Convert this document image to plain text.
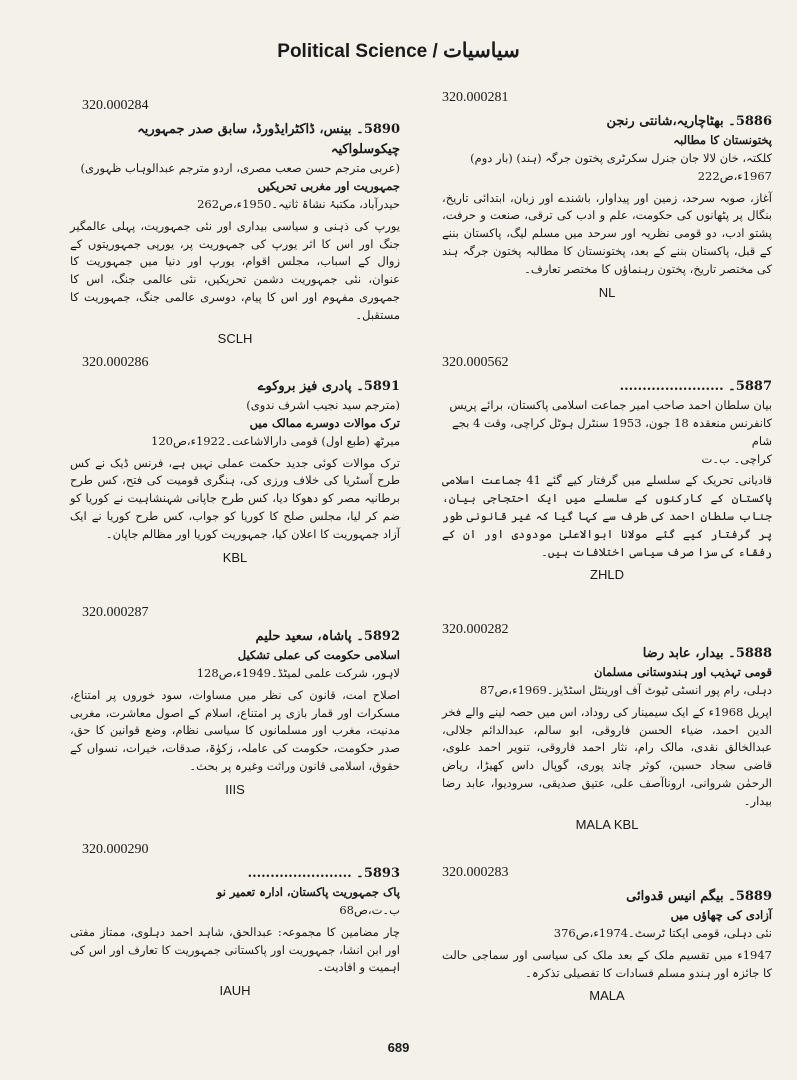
Political Science / سیاسیات
320.000281
5886۔ بھٹاچاریہ،شانتی رنجن
پختونستان کا مطالبہ
کلکتہ، خان لالا جان جنرل سکرٹری پختون جرگہ (ہند) (بار دوم)
1967ء،ص222
آغاز، صوبہ سرحد، زمین اور پیداوار، باشندے اور زبان، ابتدائی تاریخ، بنگال پر پٹھانوں کی حکومت، علم و ادب کی ترقی، صنعت و حرفت، پشتو ادب، دو قومی نظریہ اور سرحد میں مسلم لیگ، پاکستان بننے کے قبل، پاکستان بننے کے بعد، پختونستان کا مطالبہ پختون جرگہ ہند کی مختصر تاریخ، پختون رہنماؤں کا مختصر تعارف۔
NL
320.000284
5890۔ بینس، ڈاکٹرایڈورڈ، سابق صدر جمہوریہ چیکوسلواکیہ
(عربی مترجم حسن صعب مصری، اردو مترجم عبدالوہاب ظہوری)
جمہوریت اور مغربی تحریکیں
حیدرآباد، مکتبۂ نشاۃ ثانیہ۔1950ء،ص262
یورپ کی ذہنی و سیاسی بیداری اور نئی جمہوریت، پہلی عالمگیر جنگ اور اس کا اثر یورپ کی جمہوریت پر، یورپی جمہوریتوں کے زوال کے اسباب، مجلس اقوام، یورپ اور دنیا میں جمہوریت کا عنوان، نئی جمہوریت دشمن تحریکیں، نئی عالمی جنگ، اس کا جمہوری مفہوم اور اس کا پیام، دوسری عالمی جنگ، جمہوریت کا مستقبل۔
SCLH
320.000562
5887۔ .......................
بیان سلطان احمد صاحب امیر جماعت اسلامی پاکستان، برائے پریس کانفرنس منعقدہ 18 جون، 1953 سنٹرل ہوٹل کراچی، وقت 4 بجے شام
کراچی۔ ب۔ت
قادیانی تحریک کے سلسلے میں گرفتار کیے گئے 41 جماعت اسلامی پاکستان کے کارکنوں کے سلسلے میں ایک احتجاجی بیان، جناب سلطان احمد کی طرف سے کہا گیا کہ غیر قانونی طور پر گرفتار کیے گئے مولانا ابوالاعلیٰ مودودی اور ان کے رفقاء کی سزا صرف سیاسی اختلافات ہیں۔
ZHLD
320.000286
5891۔ پادری فیز بروکوے
(مترجم سید نجیب اشرف ندوی)
ترک موالات دوسرے ممالک میں
میرٹھ (طبع اول) قومی دارالاشاعت۔1922ء،ص120
ترک موالات کوئی جدید حکمت عملی نہیں ہے، فرنس ڈیک نے کس طرح آسٹریا کی خلاف ورزی کی، ہنگری قومیت کی فتح، کس طرح برطانیہ مصر کو دھوکا دیا، کس طرح جاپانی شہنشاہیت نے کوریا کو ضم کر لیا، مجلس صلح کا کوریا کو جواب، کس طرح کوریا نے ایک آزاد جمہوریت کا اعلان کیا، جمہوریت کوریا اور مظالم جاپان۔
KBL
320.000282
5888۔ بیدار، عابد رضا
قومی تہذیب اور ہندوستانی مسلمان
دہلی، رام پور انسٹی ٹیوٹ آف اورینٹل اسٹڈیز۔1969ء،ص87
اپریل 1968ء کے ایک سیمینار کی روداد، اس میں حصہ لینے والے فخر الدین احمد، ضیاء الحسن فاروقی، ابو سالم، عبدالدائم جلالی، عبدالخالق نقدی، مالک رام، نثار احمد فاروقی، تنویر احمد علوی، قاضی سجاد حسین، کوثر چاند پوری، گوپال داس کھیڑا، ریاض الرحمٰن شروانی، اروناآصف علی، عتیق صدیقی، سرودیوا، عابد رضا بیدار۔
MALA KBL
320.000287
5892۔ پاشاہ، سعید حلیم
اسلامی حکومت کی عملی تشکیل
لاہور، شرکت علمی لمیٹڈ۔1949ء،ص128
اصلاح امت، قانون کی نظر میں مساوات، سود خوروں پر امتناع، مسکرات اور قمار بازی پر امتناع، اسلام کے اصول معاشرت، مغربی مدنیت، مغرب اور مسلمانوں کا سیاسی نظام، وضع قوانین کا حق، صدر حکومت، حکومت کی عاملہ، زکوٰۃ، صدقات، خیرات، نسواں کے حقوق، اسلامی قانون وراثت وغیرہ پر بحث۔
IIIS
320.000283
5889۔ بیگم انیس قدوائی
آزادی کی چھاؤں میں
نئی دہلی، قومی ایکتا ٹرسٹ۔1974ء،ص376
1947ء میں تقسیم ملک کے بعد ملک کی سیاسی اور سماجی حالت کا جائزہ اور ہندو مسلم فسادات کا تفصیلی تذکرہ۔
MALA
320.000290
5893۔ .......................
پاک جمہوریت پاکستان، ادارہ تعمیر نو
ب۔ت،ص68
چار مضامین کا مجموعہ: عبدالحق، شاہد احمد دہلوی، ممتاز مفتی اور ابن انشا، جمہوریت اور پاکستانی جمہوریت کا تعارف اور اس کی اہمیت و افادیت۔
IAUH
689
